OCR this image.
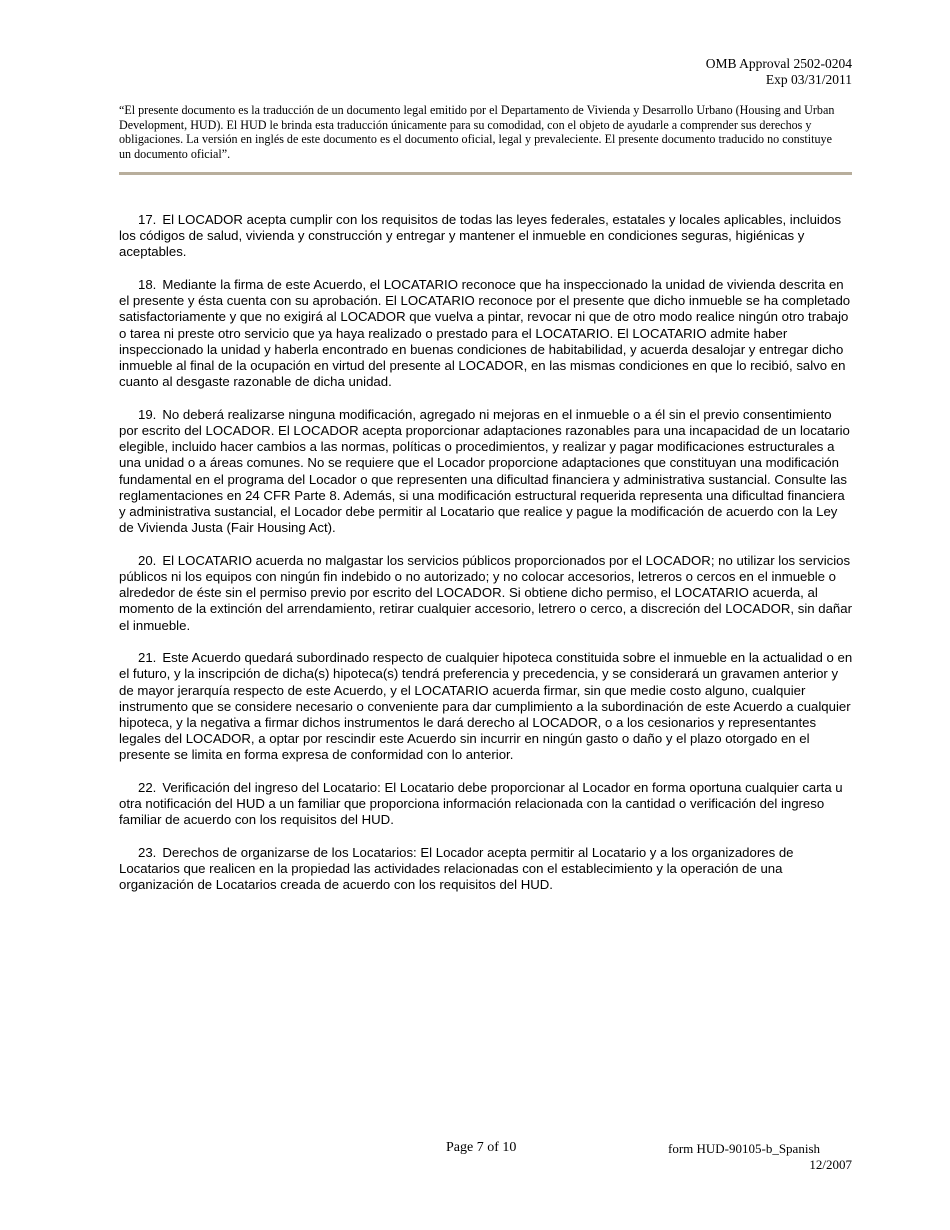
OMB Approval 2502-0204
Exp 03/31/2011
“El presente documento es la traducción de un documento legal emitido por el Departamento de Vivienda y Desarrollo Urbano (Housing and Urban Development, HUD). El HUD le brinda esta traducción únicamente para su comodidad, con el objeto de ayudarle a comprender sus derechos y obligaciones. La versión en inglés de este documento es el documento oficial, legal y prevaleciente. El presente documento traducido no constituye un documento oficial”.

17. El LOCADOR acepta cumplir con los requisitos de todas las leyes federales, estatales y locales aplicables, incluidos los códigos de salud, vivienda y construcción y entregar y mantener el inmueble en condiciones seguras, higiénicas y aceptables.

18. Mediante la firma de este Acuerdo, el LOCATARIO reconoce que ha inspeccionado la unidad de vivienda descrita en el presente y ésta cuenta con su aprobación. El LOCATARIO reconoce por el presente que dicho inmueble se ha completado satisfactoriamente y que no exigirá al LOCADOR que vuelva a pintar, revocar ni que de otro modo realice ningún otro trabajo o tarea ni preste otro servicio que ya haya realizado o prestado para el LOCATARIO. El LOCATARIO admite haber inspeccionado la unidad y haberla encontrado en buenas condiciones de habitabilidad, y acuerda desalojar y entregar dicho inmueble al final de la ocupación en virtud del presente al LOCADOR, en las mismas condiciones en que lo recibió, salvo en cuanto al desgaste razonable de dicha unidad.

19. No deberá realizarse ninguna modificación, agregado ni mejoras en el inmueble o a él sin el previo consentimiento por escrito del LOCADOR. El LOCADOR acepta proporcionar adaptaciones razonables para una incapacidad de un locatario elegible, incluido hacer cambios a las normas, políticas o procedimientos, y realizar y pagar modificaciones estructurales a una unidad o a áreas comunes. No se requiere que el Locador proporcione adaptaciones que constituyan una modificación fundamental en el programa del Locador o que representen una dificultad financiera y administrativa sustancial. Consulte las reglamentaciones en 24 CFR Parte 8. Además, si una modificación estructural requerida representa una dificultad financiera y administrativa sustancial, el Locador debe permitir al Locatario que realice y pague la modificación de acuerdo con la Ley de Vivienda Justa (Fair Housing Act).

20. El LOCATARIO acuerda no malgastar los servicios públicos proporcionados por el LOCADOR; no utilizar los servicios públicos ni los equipos con ningún fin indebido o no autorizado; y no colocar accesorios, letreros o cercos en el inmueble o alrededor de éste sin el permiso previo por escrito del LOCADOR. Si obtiene dicho permiso, el LOCATARIO acuerda, al momento de la extinción del arrendamiento, retirar cualquier accesorio, letrero o cerco, a discreción del LOCADOR, sin dañar el inmueble.

21. Este Acuerdo quedará subordinado respecto de cualquier hipoteca constituida sobre el inmueble en la actualidad o en el futuro, y la inscripción de dicha(s) hipoteca(s) tendrá preferencia y precedencia, y se considerará un gravamen anterior y de mayor jerarquía respecto de este Acuerdo, y el LOCATARIO acuerda firmar, sin que medie costo alguno, cualquier instrumento que se considere necesario o conveniente para dar cumplimiento a la subordinación de este Acuerdo a cualquier hipoteca, y la negativa a firmar dichos instrumentos le dará derecho al LOCADOR, o a los cesionarios y representantes legales del LOCADOR, a optar por rescindir este Acuerdo sin incurrir en ningún gasto o daño y el plazo otorgado en el presente se limita en forma expresa de conformidad con lo anterior.

22. Verificación del ingreso del Locatario: El Locatario debe proporcionar al Locador en forma oportuna cualquier carta u otra notificación del HUD a un familiar que proporciona información relacionada con la cantidad o verificación del ingreso familiar de acuerdo con los requisitos del HUD.

23. Derechos de organizarse de los Locatarios: El Locador acepta permitir al Locatario y a los organizadores de Locatarios que realicen en la propiedad las actividades relacionadas con el establecimiento y la operación de una organización de Locatarios creada de acuerdo con los requisitos del HUD.

Page 7 of 10	form HUD-90105-b_Spanish
12/2007
